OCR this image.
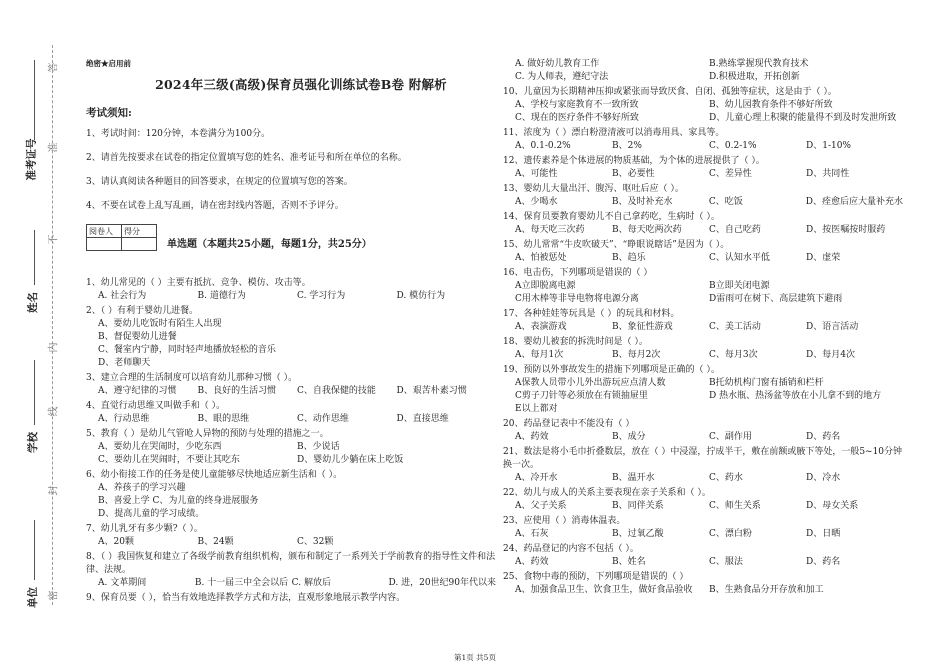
答
准
不
内
线
封
密
准考证号
姓名
学校
单位
绝密★启用前
2024年三级(高级)保育员强化训练试卷B卷 附解析
考试须知:
1、考试时间：120分钟，本卷满分为100分。
2、请首先按要求在试卷的指定位置填写您的姓名、准考证号和所在单位的名称。
3、请认真阅读各种题目的回答要求，在规定的位置填写您的答案。
4、不要在试卷上乱写乱画，请在密封线内答题，否则不予评分。
阅卷人	得分

单选题（本题共25小题，每题1分，共25分）
1、幼儿常见的（ ）主要有抵抗、竞争、模仿、攻击等。
A. 社会行为	B. 道德行为	C. 学习行为	D. 模仿行为
2、（ ）有利于婴幼儿进餐。
A、要幼儿吃饭时有陌生人出现
B、督促婴幼儿进餐
C、餐室内宁静，同时轻声地播放轻松的音乐
D、老师聊天
3、建立合理的生活制度可以培育幼儿那种习惯（ ）。
A、遵守纪律的习惯	B、良好的生活习惯	C、自我保健的技能	D、艰苦朴素习惯
4、直觉行动思维又叫做手和（ ）。
A、行动思维	B、眼的思维	C、动作思维	D、直接思维
5、教育（ ）是幼儿气管呛人异物的预防与处理的措施之一。
A、要幼儿在哭闹时，少吃东西	B、少说话
C、要幼儿在哭闹时，不要让其吃东	D、婴幼儿少躺在床上吃饭
6、幼小衔接工作的任务是使儿童能够尽快地适应新生活和（ ）。
A、养孩子的学习兴趣
B、喜爱上学 C、为儿童的终身进展服务
D、提高儿童的学习成绩。
7、幼儿乳牙有多少颗?（ ）。
A、20颗	B、24颗	C、32颗
8、（ ）我国恢复和建立了各级学前教育组织机构，颁布和制定了一系列关于学前教育的指导性文件和法律、法规。
A. 文革期间	B. 十一届三中全会以后 C. 解放后	D. 进，20世纪90年代以来
9、保育员要（ ），恰当有效地选择教学方式和方法，直观形象地展示教学内容。
A. 做好幼儿教育工作	B.熟练掌握现代教育技术
C. 为人师表，遵纪守法	D.积极进取，开拓创新
10、儿童因为长期精神压抑或紧张而导致厌食、自闭、孤独等症状，这是由于（ ）。
A、学校与家庭教育不一致所致	B、幼儿园教育条件不够好所致
C、现在的医疗条件不够好所致	D、儿童心理上积聚的能量得不到及时发泄所致
11、浓度为（ ）漂白粉澄清液可以消毒用具、家具等。
A、0.1-0.2%	B、2%	C、0.2-1%	D、1-10%
12、遗传素养是个体进展的物质基础，为个体的进展提供了（ ）。
A、可能性	B、必要性	C、差异性	D、共同性
13、婴幼儿大量出汗、腹泻、呕吐后应（ ）。
A、少喝水	B、及时补充水	C、吃饭	D、痊愈后应大量补充水
14、保育员要教育婴幼儿不自己拿药吃，生病时（ ）。
A、每天吃三次药	B、每天吃两次药	C、自己吃药	D、按医嘱按时服药
15、幼儿常常“牛皮吹破天”、“睁眼说瞎话”是因为（ ）。
A、怕被惩处	B、趋乐	C、认知水平低	D、虚荣
16、电击伤，下列哪项是错误的（ ）
A立即脱离电源	B立即关闭电源
C用木棒等非导电物将电源分离	D雷雨可在树下、高层建筑下避雨
17、各种娃娃等玩具是（ ）的玩具和材料。
A、表演游戏	B、象征性游戏	C、美工活动	D、语言活动
18、婴幼儿被套的拆洗时间是（ ）。
A、每月1次	B、每月2次	C、每月3次	D、每月4次
19、预防以外事故发生的措施下列哪项是正确的（ ）。
A保教人员带小儿外出游玩应点清人数	B托幼机构门窗有插销和栏杆
C剪子刀针等必须放在有锁抽屉里	D 热水瓶、热汤盆等放在小儿拿不到的地方
E以上都对
20、药品登记表中不能没有（ ）
A、药效	B、成分	C、副作用	D、药名
21、数法是将小毛巾折叠数层，放在（ ）中浸湿，拧成半干，敷在前额或腋下等处，一般5~10分钟换一次。
A、冷开水	B、温开水	C、药水	D、冷水
22、幼儿与成人的关系主要表现在亲子关系和（ ）。
A、父子关系	B、同伴关系	C、师生关系	D、母女关系
23、应使用（ ）消毒体温表。
A、石灰	B、过氧乙酸	C、漂白粉	D、日晒
24、药品登记的内容不包括（ ）。
A、药效	B、姓名	C、服法	D、药名
25、食物中毒的预防，下列哪项是错误的（ ）
A、加强食品卫生、饮食卫生，做好食品验收	B、生熟食品分开存放和加工
第1页 共5页
